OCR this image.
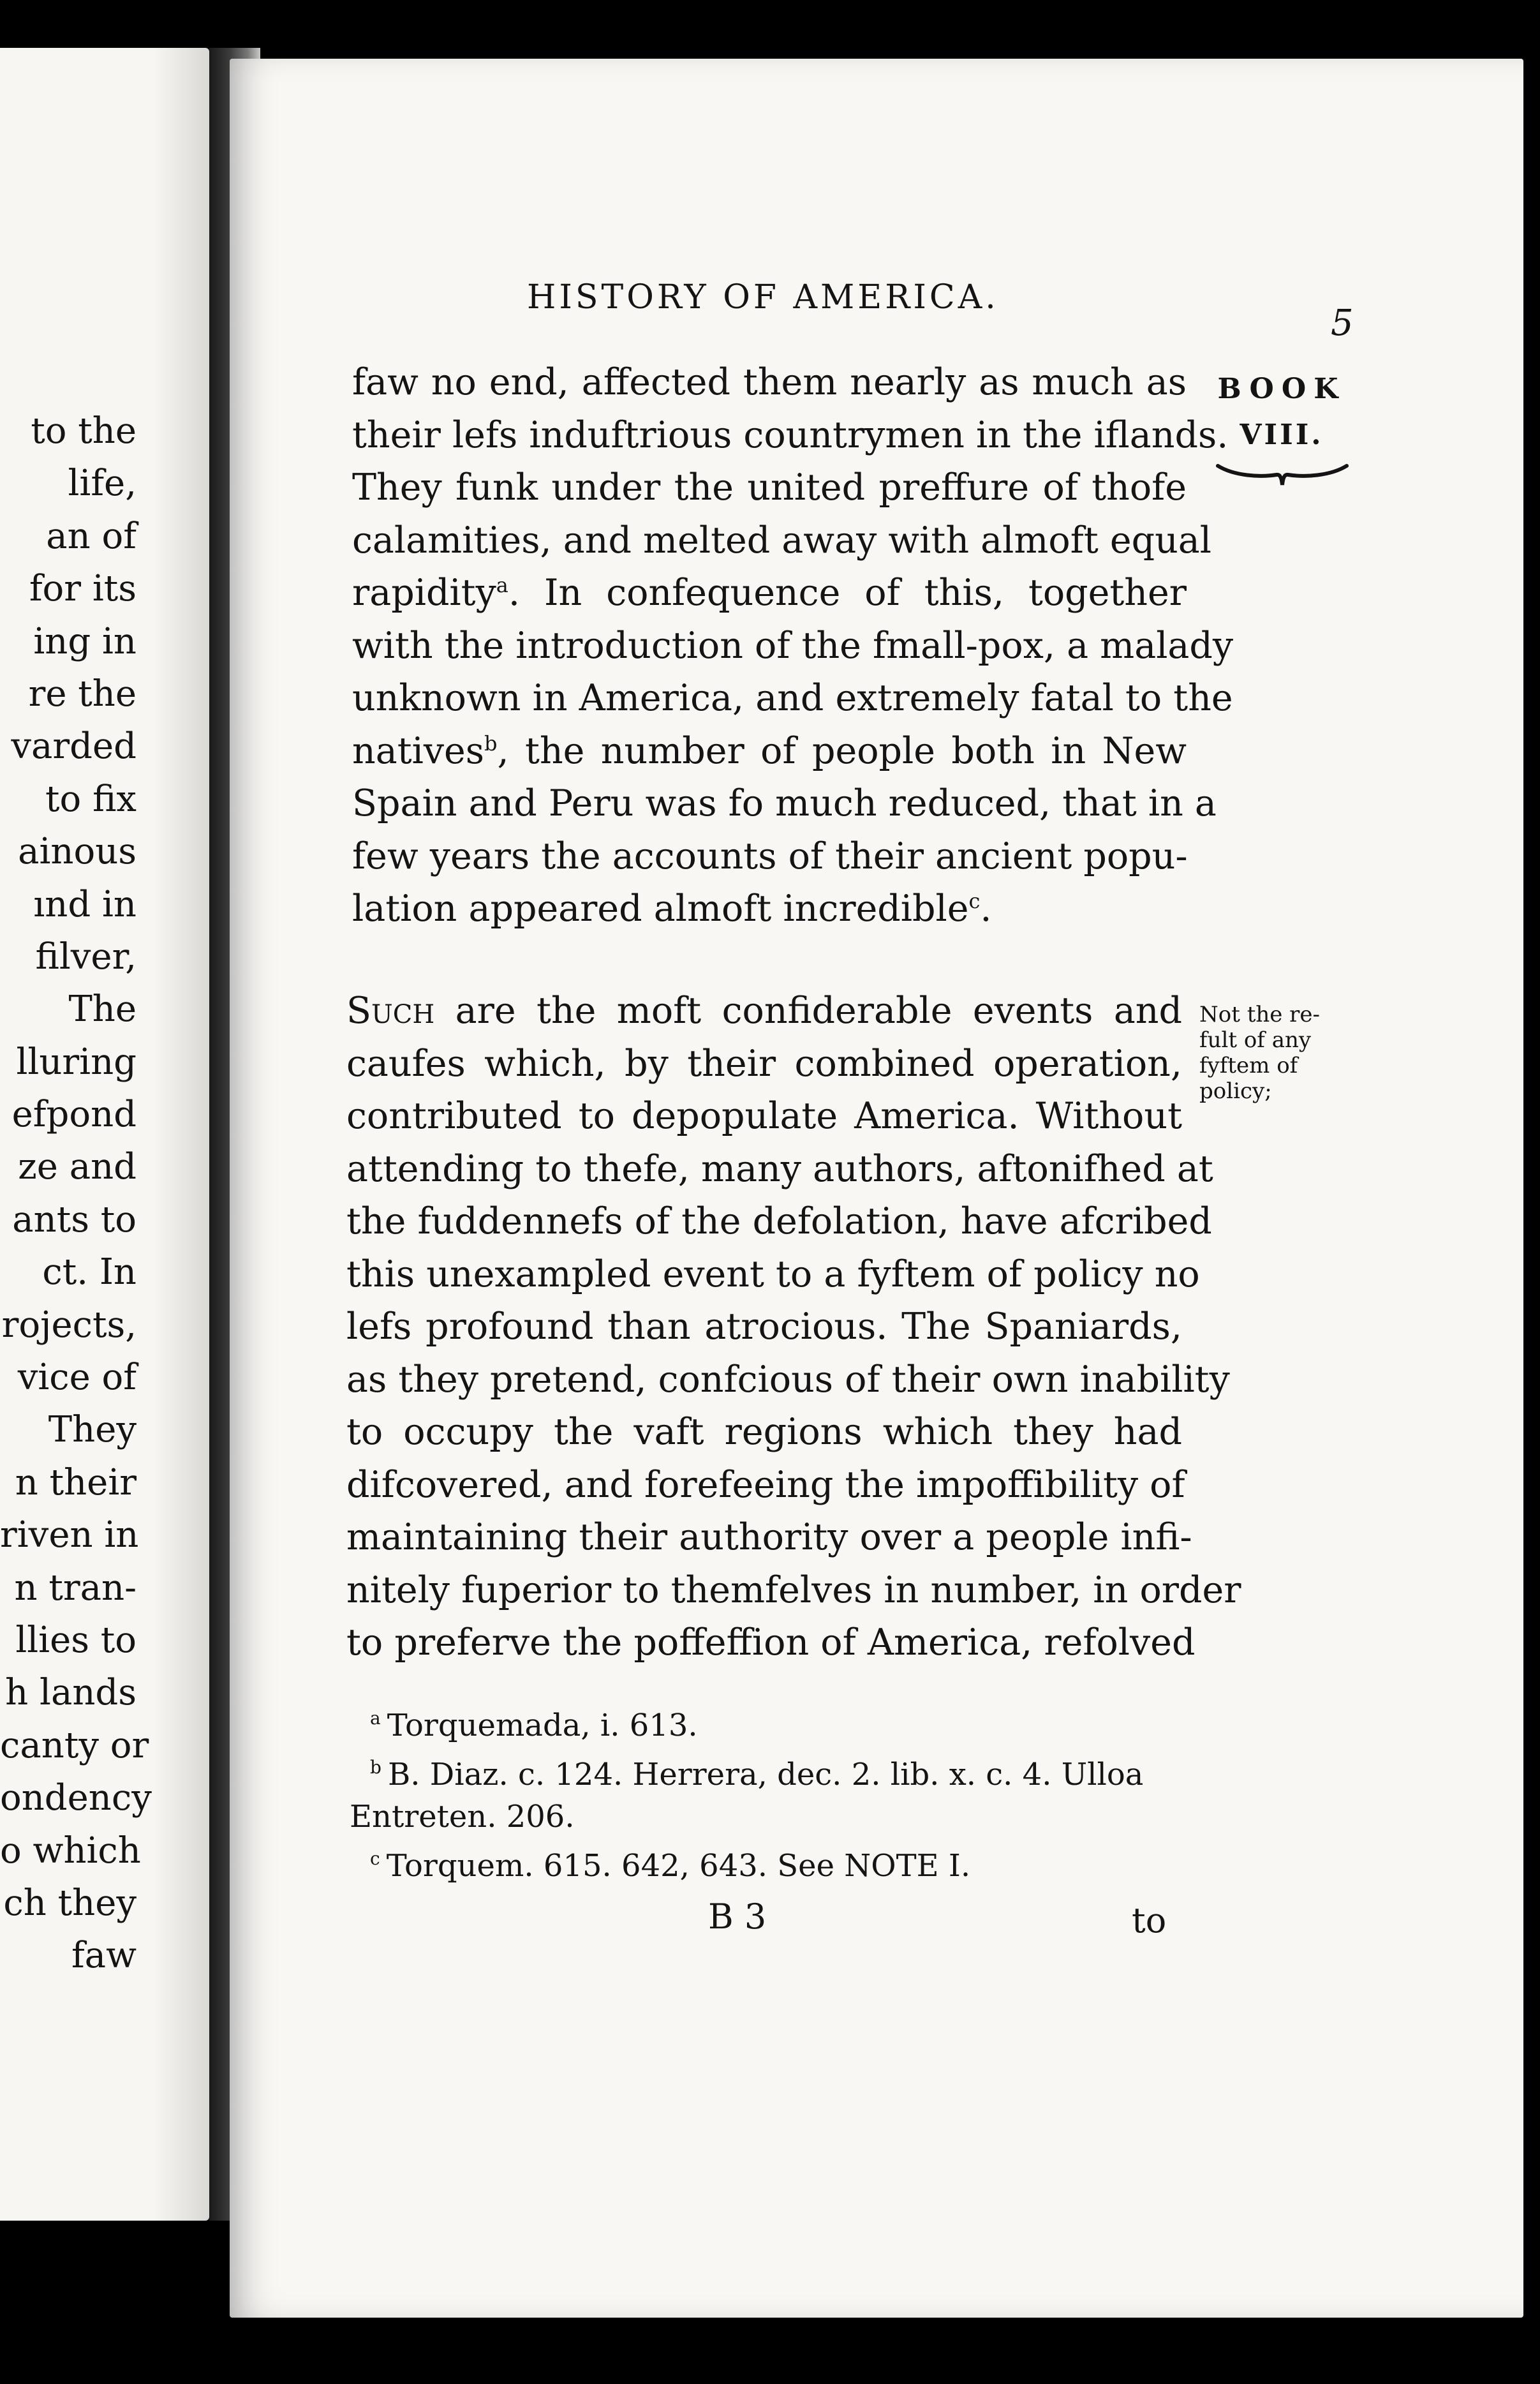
to the
life,
an of
for its
ing in
re the
varded
to fix
ainous
ınd in
filver,
The
lluring
efpond
ze and
ants to
ct. In
rojects,
vice of
They
n their
riven in
n tran-
llies to
h lands
canty or
ondency
o which
ch they
faw
HISTORY OF AMERICA.
5
BOOK
VIII.
faw no end, affected them nearly as much as
their lefs induftrious countrymen in the iflands.
They funk under the united preffure of thofe
calamities, and melted away with almoft equal
rapidity$^a$. In confequence of this, together
with the introduction of the fmall-pox, a malady
unknown in America, and extremely fatal to the
natives$^b$, the number of people both in New
Spain and Peru was fo much reduced, that in a
few years the accounts of their ancient popu-
lation appeared almoft incredible$^c$.
Such are the moft confiderable events and
caufes which, by their combined operation,
contributed to depopulate America. Without
attending to thefe, many authors, aftonifhed at
the fuddennefs of the defolation, have afcribed
this unexampled event to a fyftem of policy no
lefs profound than atrocious. The Spaniards,
as they pretend, confcious of their own inability
to occupy the vaft regions which they had
difcovered, and forefeeing the impoffibility of
maintaining their authority over a people infi-
nitely fuperior to themfelves in number, in order
to preferve the poffeffion of America, refolved
Not the re-
fult of any
fyftem of
policy;
$^a$ Torquemada, i. 613.
$^b$ B. Diaz. c. 124. Herrera, dec. 2. lib. x. c. 4. Ulloa
Entreten. 206.
$^c$ Torquem. 615. 642, 643. See NOTE I.
B 3	to
